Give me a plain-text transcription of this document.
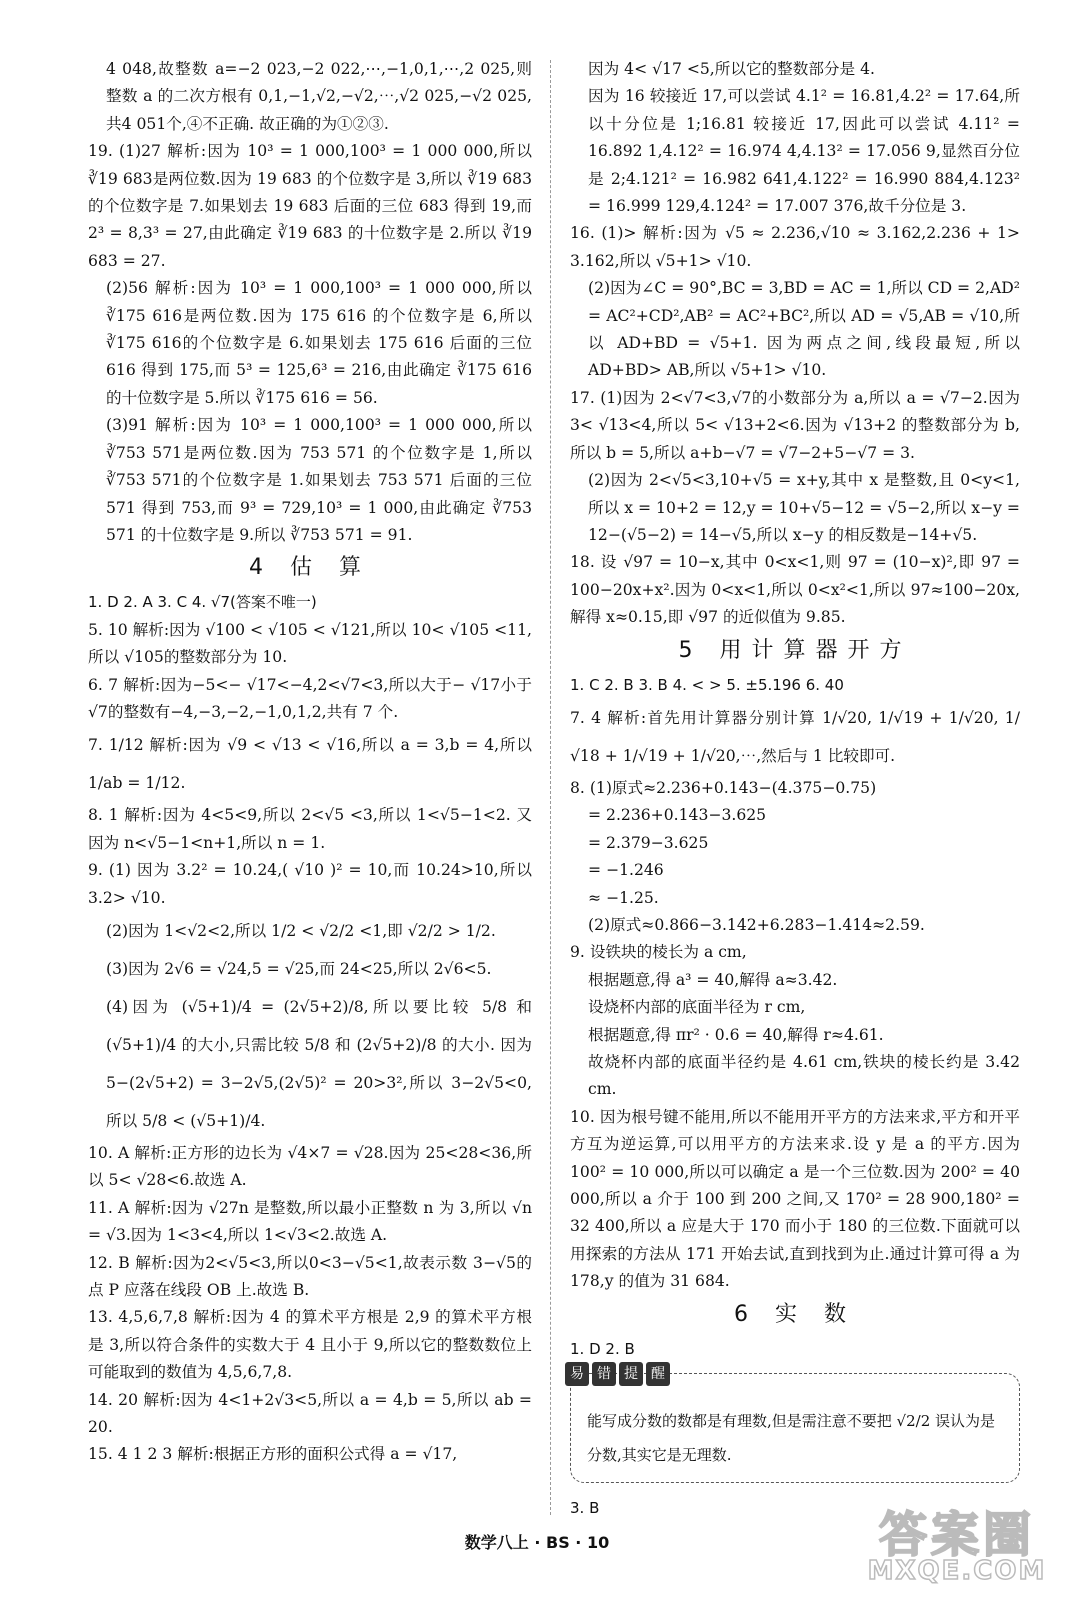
4 048,故整数 a=−2 023,−2 022,⋯,−1,0,1,⋯,2 025,则整数 a 的二次方根有 0,1,−1,√2,−√2,⋯,√2 025,−√2 025,共4 051个,④不正确. 故正确的为①②③.

19. (1)27 解析:因为 10³ = 1 000,100³ = 1 000 000,所以 ∛19 683是两位数.因为 19 683 的个位数字是 3,所以 ∛19 683的个位数字是 7.如果划去 19 683 后面的三位 683 得到 19,而 2³ = 8,3³ = 27,由此确定 ∛19 683 的十位数字是 2.所以 ∛19 683 = 27.

(2)56 解析:因为 10³ = 1 000,100³ = 1 000 000,所以 ∛175 616是两位数.因为 175 616 的个位数字是 6,所以 ∛175 616的个位数字是 6.如果划去 175 616 后面的三位 616 得到 175,而 5³ = 125,6³ = 216,由此确定 ∛175 616的十位数字是 5.所以 ∛175 616 = 56.

(3)91 解析:因为 10³ = 1 000,100³ = 1 000 000,所以 ∛753 571是两位数.因为 753 571 的个位数字是 1,所以 ∛753 571的个位数字是 1.如果划去 753 571 后面的三位 571 得到 753,而 9³ = 729,10³ = 1 000,由此确定 ∛753 571 的十位数字是 9.所以 ∛753 571 = 91.

4 估 算

1. D 2. A 3. C 4. √7(答案不唯一)

5. 10 解析:因为 √100 < √105 < √121,所以 10< √105 <11,所以 √105的整数部分为 10.

6. 7 解析:因为−5<− √17<−4,2<√7<3,所以大于− √17小于 √7的整数有−4,−3,−2,−1,0,1,2,共有 7 个.

7. 1/12 解析:因为 √9 < √13 < √16,所以 a = 3,b = 4,所以 1/ab = 1/12.

8. 1 解析:因为 4<5<9,所以 2<√5 <3,所以 1<√5−1<2. 又因为 n<√5−1<n+1,所以 n = 1.

9. (1) 因为 3.2² = 10.24,( √10 )² = 10,而 10.24>10,所以 3.2> √10.

(2)因为 1<√2<2,所以 1/2 < √2/2 <1,即 √2/2 > 1/2.

(3)因为 2√6 = √24,5 = √25,而 24<25,所以 2√6<5.

(4)因为 (√5+1)/4 = (2√5+2)/8,所以要比较 5/8 和 (√5+1)/4 的大小,只需比较 5/8 和 (2√5+2)/8 的大小. 因为 5−(2√5+2) = 3−2√5,(2√5)² = 20>3²,所以 3−2√5<0,所以 5/8 < (√5+1)/4.

10. A 解析:正方形的边长为 √4×7 = √28.因为 25<28<36,所以 5< √28<6.故选 A.

11. A 解析:因为 √27n 是整数,所以最小正整数 n 为 3,所以 √n = √3.因为 1<3<4,所以 1<√3<2.故选 A.

12. B 解析:因为2<√5<3,所以0<3−√5<1,故表示数 3−√5的点 P 应落在线段 OB 上.故选 B.

13. 4,5,6,7,8 解析:因为 4 的算术平方根是 2,9 的算术平方根是 3,所以符合条件的实数大于 4 且小于 9,所以它的整数数位上可能取到的数值为 4,5,6,7,8.

14. 20 解析:因为 4<1+2√3<5,所以 a = 4,b = 5,所以 ab = 20.

15. 4 1 2 3 解析:根据正方形的面积公式得 a = √17,

因为 4< √17 <5,所以它的整数部分是 4.

因为 16 较接近 17,可以尝试 4.1² = 16.81,4.2² = 17.64,所以十分位是 1;16.81 较接近 17,因此可以尝试 4.11² = 16.892 1,4.12² = 16.974 4,4.13² = 17.056 9,显然百分位是 2;4.121² = 16.982 641,4.122² = 16.990 884,4.123² = 16.999 129,4.124² = 17.007 376,故千分位是 3.

16. (1)> 解析:因为 √5 ≈ 2.236,√10 ≈ 3.162,2.236 + 1> 3.162,所以 √5+1> √10.

(2)因为∠C = 90°,BC = 3,BD = AC = 1,所以 CD = 2,AD² = AC²+CD²,AB² = AC²+BC²,所以 AD = √5,AB = √10,所以 AD+BD = √5+1. 因为两点之间,线段最短,所以 AD+BD> AB,所以 √5+1> √10.

17. (1)因为 2<√7<3,√7的小数部分为 a,所以 a = √7−2.因为 3< √13<4,所以 5< √13+2<6.因为 √13+2 的整数部分为 b,所以 b = 5,所以 a+b−√7 = √7−2+5−√7 = 3.

(2)因为 2<√5<3,10+√5 = x+y,其中 x 是整数,且 0<y<1,所以 x = 10+2 = 12,y = 10+√5−12 = √5−2,所以 x−y = 12−(√5−2) = 14−√5,所以 x−y 的相反数是−14+√5.

18. 设 √97 = 10−x,其中 0<x<1,则 97 = (10−x)²,即 97 = 100−20x+x².因为 0<x<1,所以 0<x²<1,所以 97≈100−20x,解得 x≈0.15,即 √97 的近似值为 9.85.

5 用计算器开方

1. C 2. B 3. B 4. < > 5. ±5.196 6. 40

7. 4 解析:首先用计算器分别计算 1/√20, 1/√19 + 1/√20, 1/√18 + 1/√19 + 1/√20,⋯,然后与 1 比较即可.

8. (1)原式≈2.236+0.143−(4.375−0.75)

= 2.236+0.143−3.625

= 2.379−3.625

= −1.246

≈ −1.25.

(2)原式≈0.866−3.142+6.283−1.414≈2.59.

9. 设铁块的棱长为 a cm,

根据题意,得 a³ = 40,解得 a≈3.42.

设烧杯内部的底面半径为 r cm,

根据题意,得 πr² · 0.6 = 40,解得 r≈4.61.

故烧杯内部的底面半径约是 4.61 cm,铁块的棱长约是 3.42 cm.

10. 因为根号键不能用,所以不能用开平方的方法来求,平方和开平方互为逆运算,可以用平方的方法来求.设 y 是 a 的平方.因为 100² = 10 000,所以可以确定 a 是一个三位数.因为 200² = 40 000,所以 a 介于 100 到 200 之间,又 170² = 28 900,180² = 32 400,所以 a 应是大于 170 而小于 180 的三位数.下面就可以用探索的方法从 171 开始去试,直到找到为止.通过计算可得 a 为 178,y 的值为 31 684.

6 实 数

1. D 2. B

易 错 提 醒

能写成分数的数都是有理数,但是需注意不要把 √2/2 误认为是分数,其实它是无理数.

3. B

数学八上 · BS · 10	答案圈
MXQE.COM
